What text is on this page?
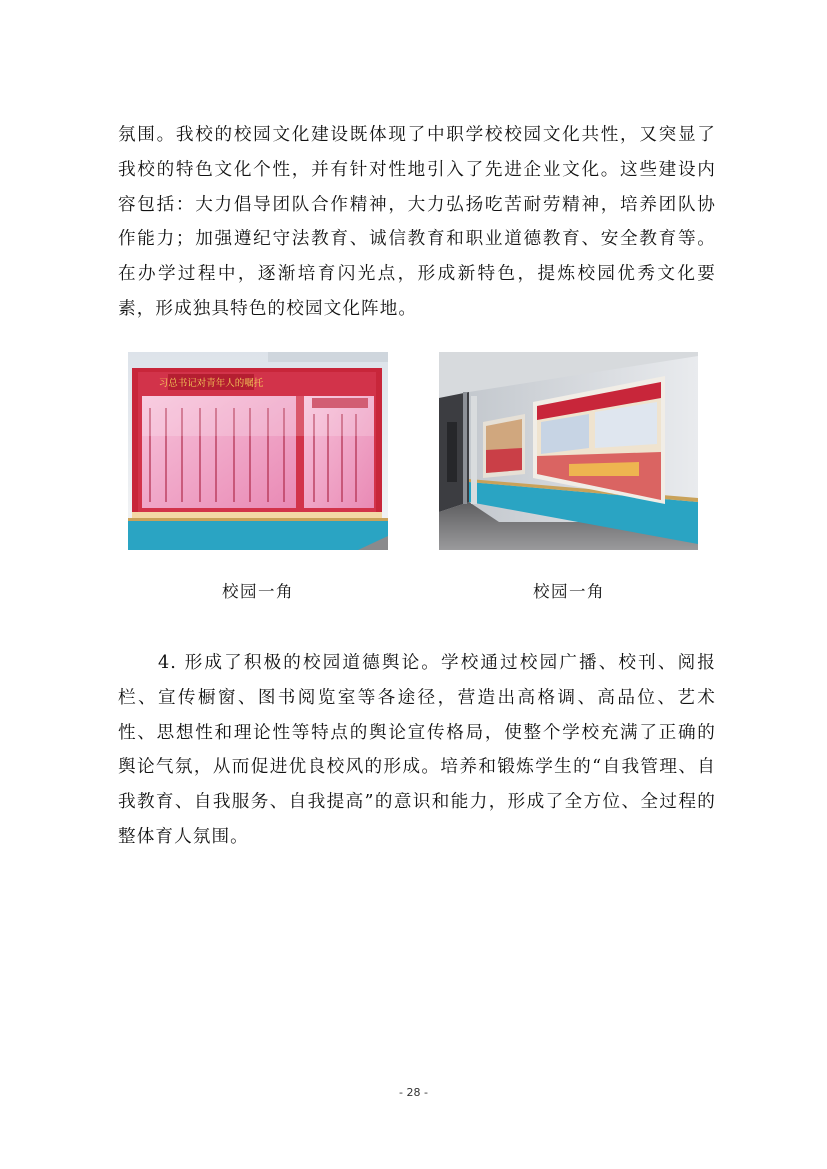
氛围。我校的校园文化建设既体现了中职学校校园文化共性，又突显了我校的特色文化个性，并有针对性地引入了先进企业文化。这些建设内容包括：大力倡导团队合作精神，大力弘扬吃苦耐劳精神，培养团队协作能力；加强遵纪守法教育、诚信教育和职业道德教育、安全教育等。在办学过程中，逐渐培育闪光点，形成新特色，提炼校园优秀文化要素，形成独具特色的校园文化阵地。

习总书记对青年人的嘱托
校园一角	校园一角

4. 形成了积极的校园道德舆论。学校通过校园广播、校刊、阅报栏、宣传橱窗、图书阅览室等各途径，营造出高格调、高品位、艺术性、思想性和理论性等特点的舆论宣传格局，使整个学校充满了正确的舆论气氛，从而促进优良校风的形成。培养和锻炼学生的“自我管理、自我教育、自我服务、自我提高”的意识和能力，形成了全方位、全过程的整体育人氛围。

- 28 -
